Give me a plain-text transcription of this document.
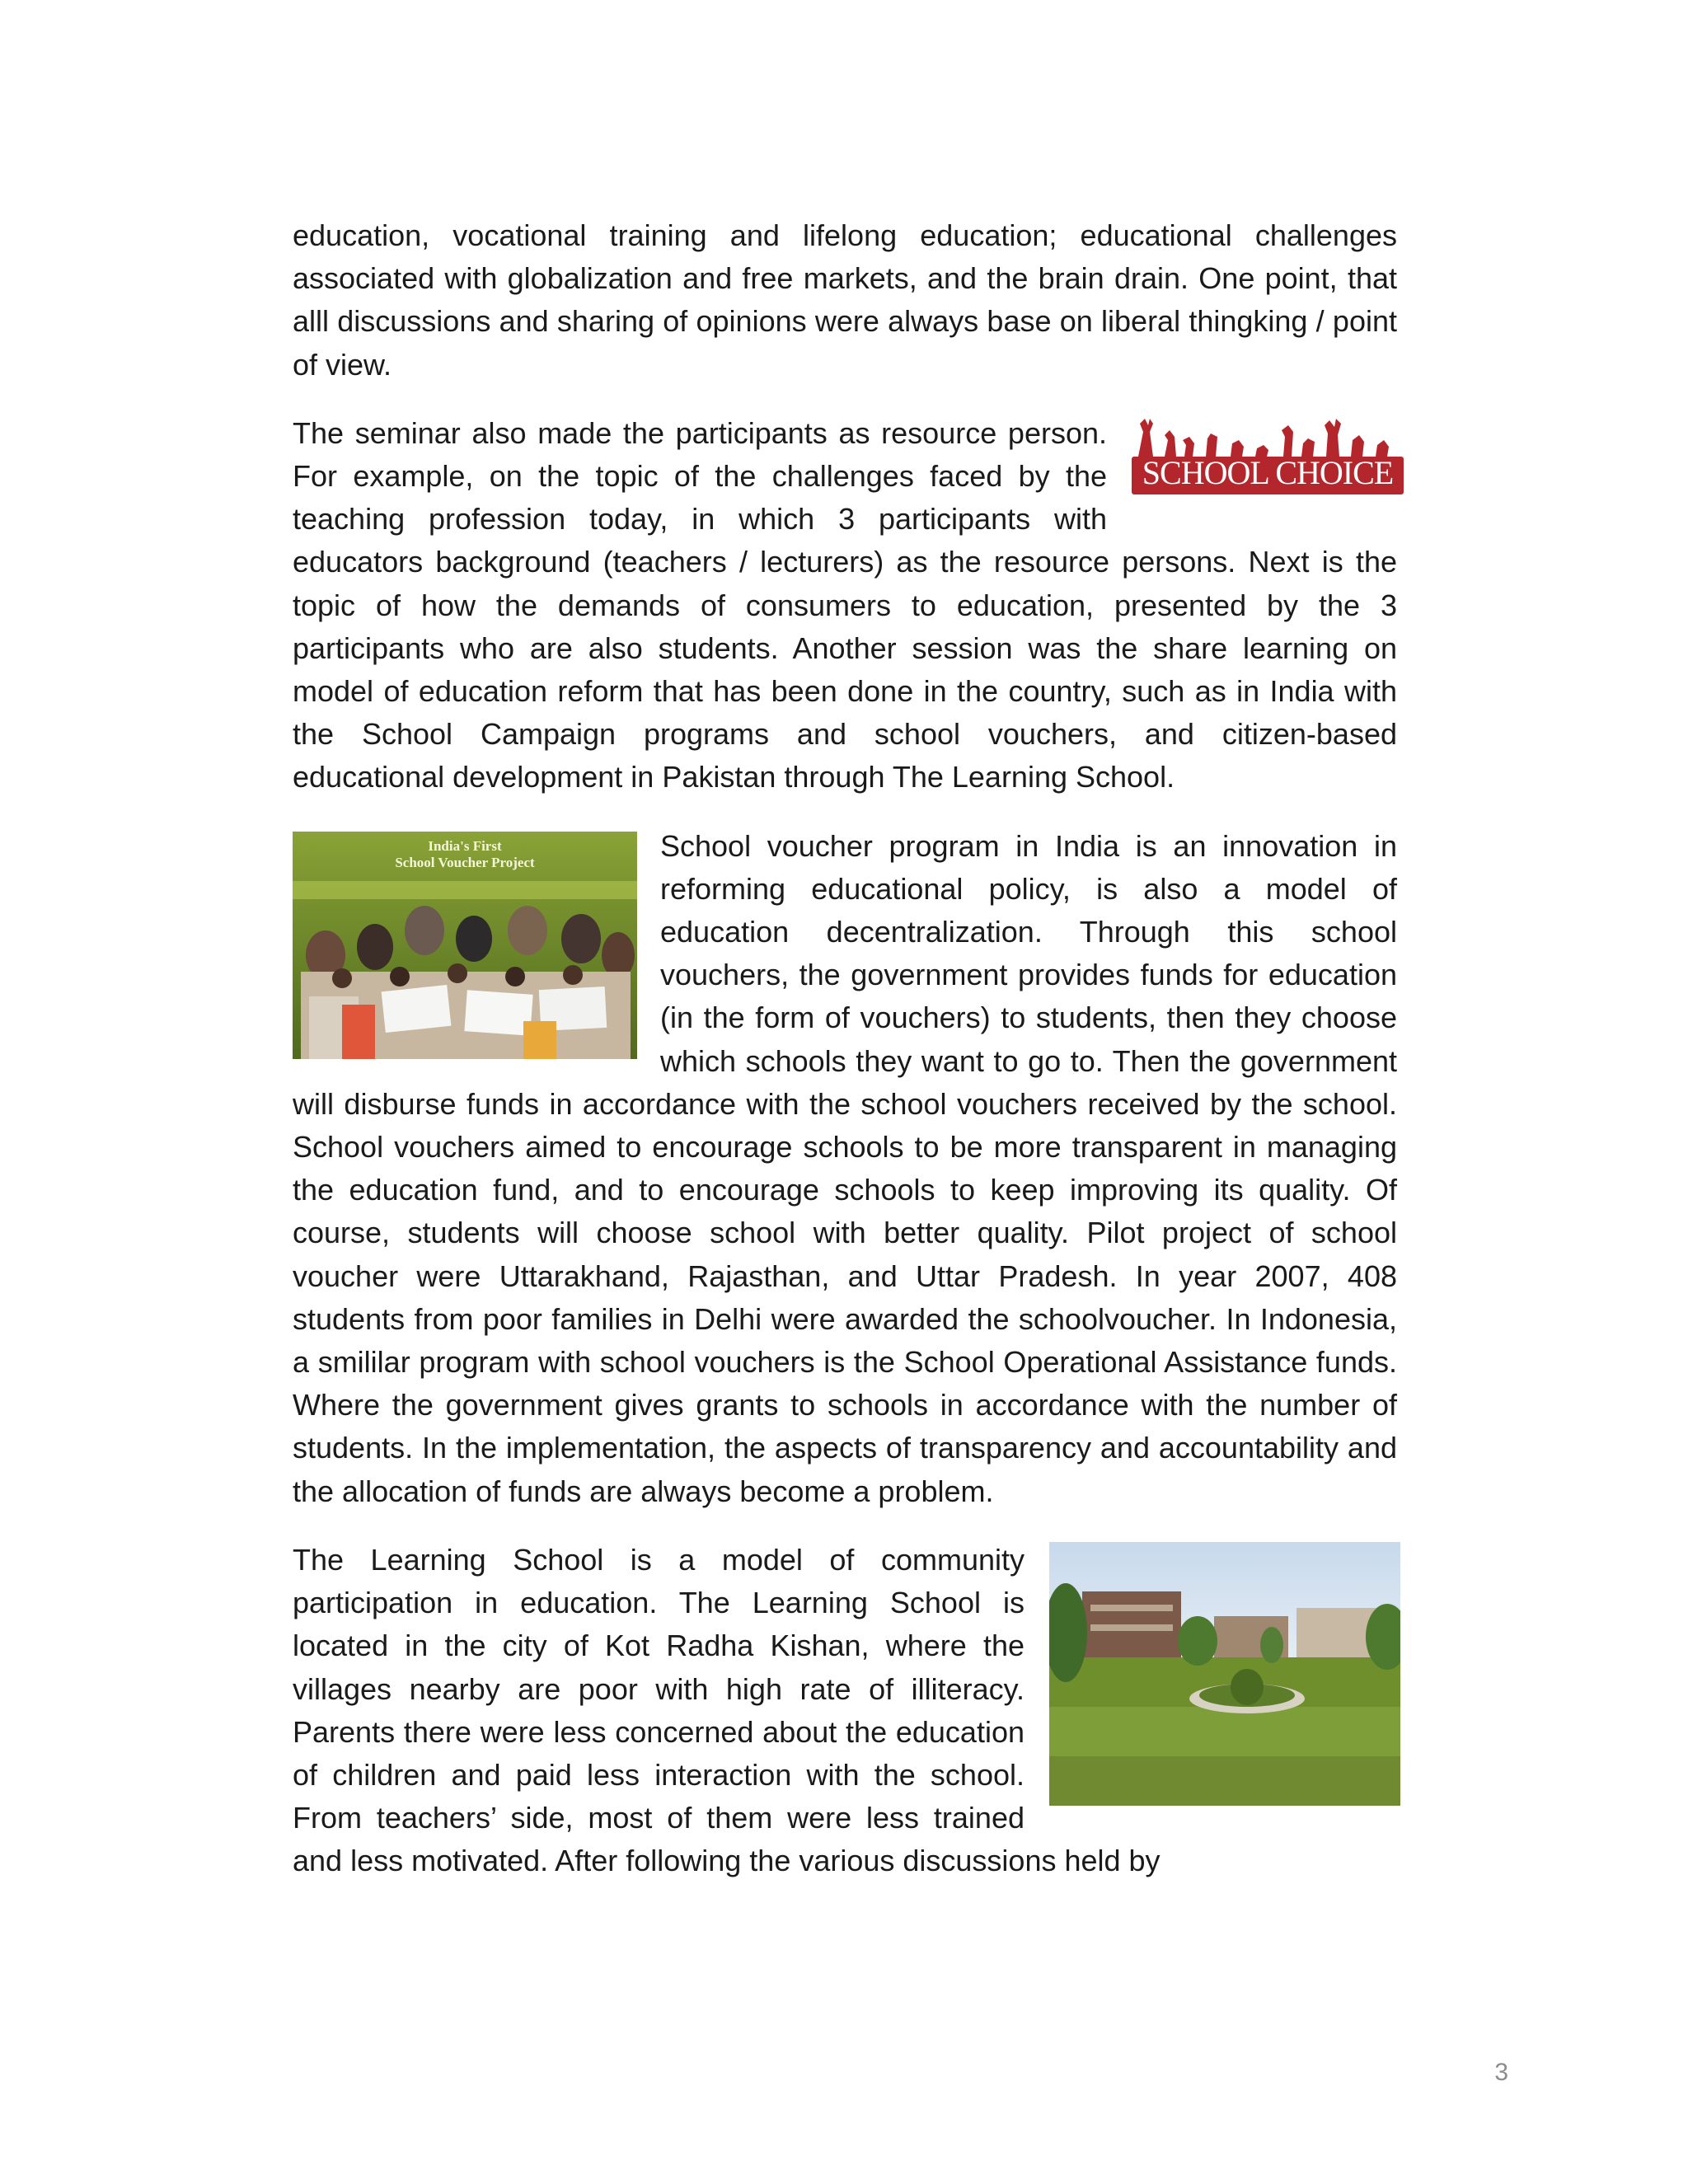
education, vocational training and lifelong education; educational challenges associated with globalization and free markets, and the brain drain. One point, that alll discussions and sharing of opinions were always base on liberal thingking / point of view.

SCHOOL CHOICE

The seminar also made the participants as resource person. For example, on the topic of the challenges faced by the teaching profession today, in which 3 participants with educators background (teachers / lecturers) as the resource persons. Next is the topic of how the demands of consumers to education, presented by the 3 participants who are also students. Another session was the share learning on model of education reform that has been done in the country, such as in India with the School Campaign programs and school vouchers, and citizen-based educational development in Pakistan through The Learning School.

India's First
School Voucher Project	School voucher program in India is an innovation in reforming educational policy, is also a model of education decentralization. Through this school vouchers, the government provides funds for education (in the form of vouchers) to students, then they choose which schools they want to go to. Then the government will disburse funds in accordance with the school vouchers received by the school. School vouchers aimed to encourage schools to be more transparent in managing the education fund, and to encourage schools to keep improving its quality. Of course, students will choose school with better quality. Pilot project of school voucher were Uttarakhand, Rajasthan, and Uttar Pradesh. In year 2007, 408 students from poor families in Delhi were awarded the schoolvoucher. In Indonesia, a smililar program with school vouchers is the School Operational Assistance funds. Where the government gives grants to schools in accordance with the number of students. In the implementation, the aspects of transparency and accountability and the allocation of funds are always become a problem.

The Learning School is a model of community participation in education. The Learning School is located in the city of Kot Radha Kishan, where the villages nearby are poor with high rate of illiteracy. Parents there were less concerned about the education of children and paid less interaction with the school. From teachers’ side, most of them were less trained and less motivated. After following the various discussions held by

3
